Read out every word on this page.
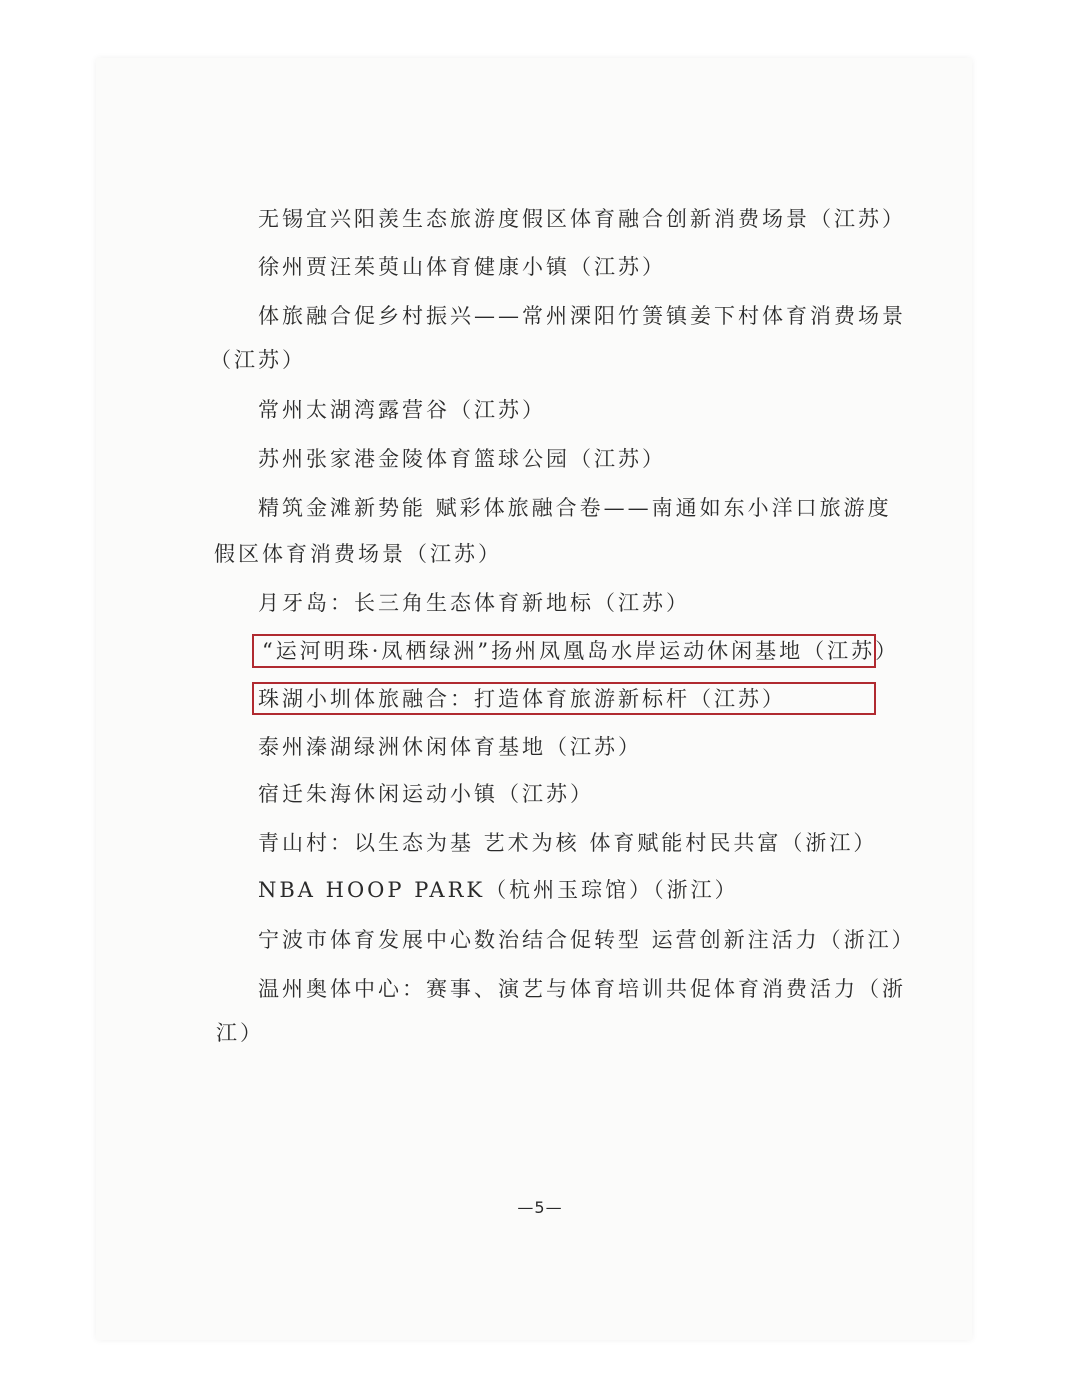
无锡宜兴阳羡生态旅游度假区体育融合创新消费场景（江苏）
徐州贾汪茱萸山体育健康小镇（江苏）
体旅融合促乡村振兴——常州溧阳竹箦镇姜下村体育消费场景
（江苏）
常州太湖湾露营谷（江苏）
苏州张家港金陵体育篮球公园（江苏）
精筑金滩新势能 赋彩体旅融合卷——南通如东小洋口旅游度
假区体育消费场景（江苏）
月牙岛：长三角生态体育新地标（江苏）
“运河明珠·凤栖绿洲”扬州凤凰岛水岸运动休闲基地（江苏）
珠湖小圳体旅融合：打造体育旅游新标杆（江苏）
泰州溱湖绿洲休闲体育基地（江苏）
宿迁朱海休闲运动小镇（江苏）
青山村：以生态为基 艺术为核 体育赋能村民共富（浙江）
NBA HOOP PARK（杭州玉琮馆）（浙江）
宁波市体育发展中心数治结合促转型 运营创新注活力（浙江）
温州奥体中心：赛事、演艺与体育培训共促体育消费活力（浙
江）
—5—
